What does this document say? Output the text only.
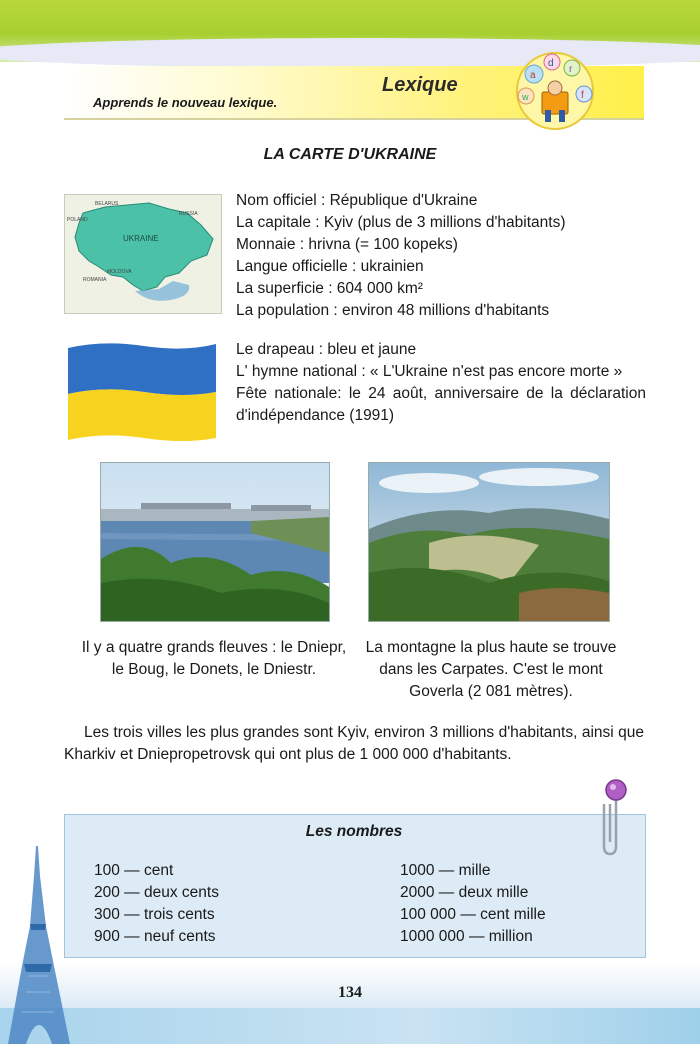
Lexique
Apprends le nouveau lexique.
a
d
r
w	f
LA CARTE D'UKRAINE
BELARUS
RUSSIA
POLAND
UKRAINE
MOLDOVA
ROMANIA
Nom officiel : République d'Ukraine
La capitale : Kyiv (plus de 3 millions d'habitants)
Monnaie : hrivna (= 100 kopeks)
Langue officielle : ukrainien
La superficie : 604 000 km²
La population : environ 48 millions d'habitants
Le drapeau : bleu et jaune
L' hymne national : « L'Ukraine n'est pas encore morte »
Fête nationale: le 24 août, anniversaire de la déclaration d'indépendance (1991)
Il y a quatre grands fleuves : le Dniepr, le Boug, le Donets, le Dniestr.
La montagne la plus haute se trouve dans les Carpates. C'est le mont Goverla (2 081 mètres).
Les trois villes les plus grandes sont Kyiv, environ 3 millions d'habitants, ainsi que Kharkiv et Dniepropetrovsk qui ont plus de 1 000 000 d'habitants.
Les nombres
100 — cent
200 — deux cents
300 — trois cents
900 — neuf cents
1000 — mille
2000 — deux mille
100 000 — cent mille
1000 000 — million
134
